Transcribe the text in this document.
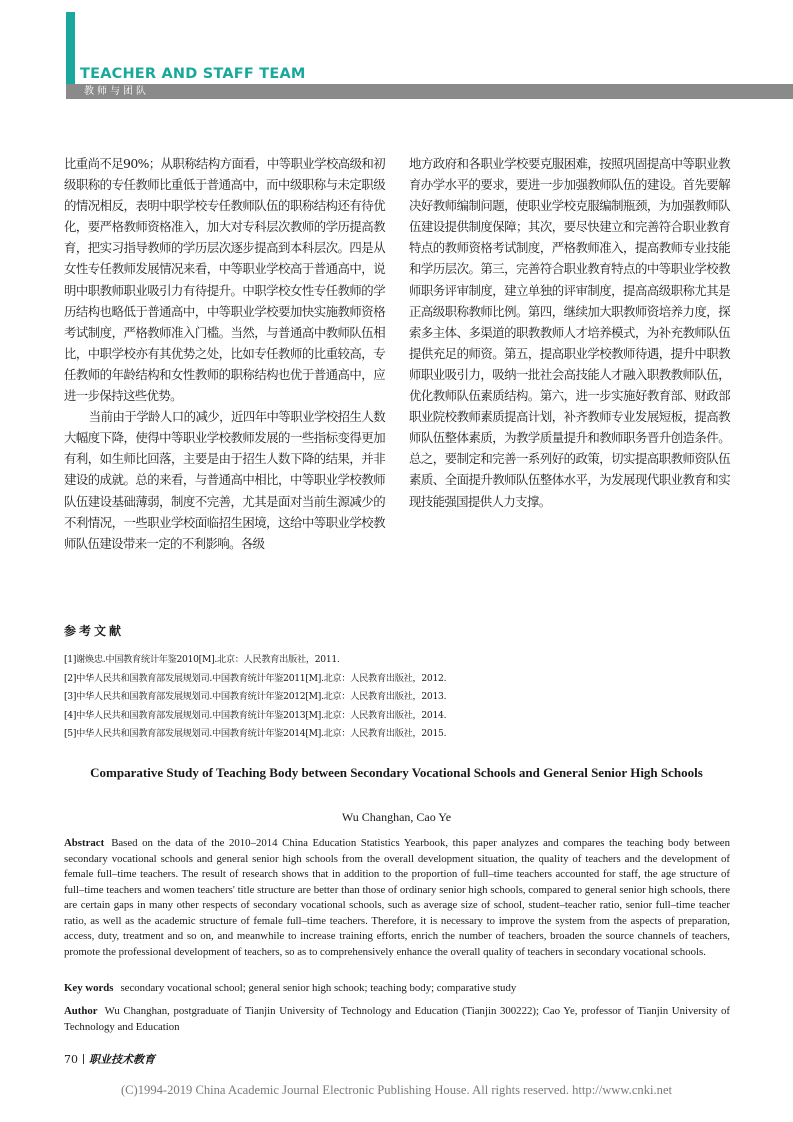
TEACHER AND STAFF TEAM
教师与团队

比重尚不足90%；从职称结构方面看，中等职业学校高级和初级职称的专任教师比重低于普通高中，而中级职称与未定职级的情况相反，表明中职学校专任教师队伍的职称结构还有待优化，要严格教师资格准入，加大对专科层次教师的学历提高教育，把实习指导教师的学历层次逐步提高到本科层次。四是从女性专任教师发展情况来看，中等职业学校高于普通高中，说明中职教师职业吸引力有待提升。中职学校女性专任教师的学历结构也略低于普通高中，中等职业学校要加快实施教师资格考试制度，严格教师准入门槛。当然，与普通高中教师队伍相比，中职学校亦有其优势之处，比如专任教师的比重较高，专任教师的年龄结构和女性教师的职称结构也优于普通高中，应进一步保持这些优势。

当前由于学龄人口的减少，近四年中等职业学校招生人数大幅度下降，使得中等职业学校教师发展的一些指标变得更加有利，如生师比回落，主要是由于招生人数下降的结果，并非建设的成就。总的来看，与普通高中相比，中等职业学校教师队伍建设基础薄弱，制度不完善，尤其是面对当前生源减少的不利情况，一些职业学校面临招生困境，这给中等职业学校教师队伍建设带来一定的不利影响。各级

地方政府和各职业学校要克服困难，按照巩固提高中等职业教育办学水平的要求，要进一步加强教师队伍的建设。首先要解决好教师编制问题，使职业学校克服编制瓶颈，为加强教师队伍建设提供制度保障；其次，要尽快建立和完善符合职业教育特点的教师资格考试制度，严格教师准入，提高教师专业技能和学历层次。第三，完善符合职业教育特点的中等职业学校教师职务评审制度，建立单独的评审制度，提高高级职称尤其是正高级职称教师比例。第四，继续加大职教师资培养力度，探索多主体、多渠道的职教教师人才培养模式，为补充教师队伍提供充足的师资。第五，提高职业学校教师待遇，提升中职教师职业吸引力，吸纳一批社会高技能人才融入职教教师队伍，优化教师队伍素质结构。第六，进一步实施好教育部、财政部职业院校教师素质提高计划，补齐教师专业发展短板，提高教师队伍整体素质，为教学质量提升和教师职务晋升创造条件。总之，要制定和完善一系列好的政策，切实提高职教师资队伍素质、全面提升教师队伍整体水平，为发展现代职业教育和实现技能强国提供人力支撑。

参考文献
[1]谢焕忠.中国教育统计年鉴2010[M].北京：人民教育出版社，2011.
[2]中华人民共和国教育部发展规划司.中国教育统计年鉴2011[M].北京：人民教育出版社，2012.
[3]中华人民共和国教育部发展规划司.中国教育统计年鉴2012[M].北京：人民教育出版社，2013.
[4]中华人民共和国教育部发展规划司.中国教育统计年鉴2013[M].北京：人民教育出版社，2014.
[5]中华人民共和国教育部发展规划司.中国教育统计年鉴2014[M].北京：人民教育出版社，2015.
Comparative Study of Teaching Body between Secondary Vocational Schools and General Senior High Schools
Wu Changhan, Cao Ye

Abstract Based on the data of the 2010–2014 China Education Statistics Yearbook, this paper analyzes and compares the teaching body between secondary vocational schools and general senior high schools from the overall development situation, the quality of teachers and the development of female full–time teachers. The result of research shows that in addition to the proportion of full–time teachers accounted for staff, the age structure of full–time teachers and women teachers' title structure are better than those of ordinary senior high schools, compared to general senior high schools, there are certain gaps in many other respects of secondary vocational schools, such as average size of school, student–teacher ratio, senior full–time teacher ratio, as well as the academic structure of female full–time teachers. Therefore, it is necessary to improve the system from the aspects of preparation, access, duty, treatment and so on, and meanwhile to increase training efforts, enrich the number of teachers, broaden the source channels of teachers, promote the professional development of teachers, so as to comprehensively enhance the overall quality of teachers in secondary vocational schools.

Key words secondary vocational school; general senior high schook; teaching body; comparative study

Author Wu Changhan, postgraduate of Tianjin University of Technology and Education (Tianjin 300222); Cao Ye, professor of Tianjin University of Technology and Education

70 职业技术教育
(C)1994-2019 China Academic Journal Electronic Publishing House. All rights reserved. http://www.cnki.net
